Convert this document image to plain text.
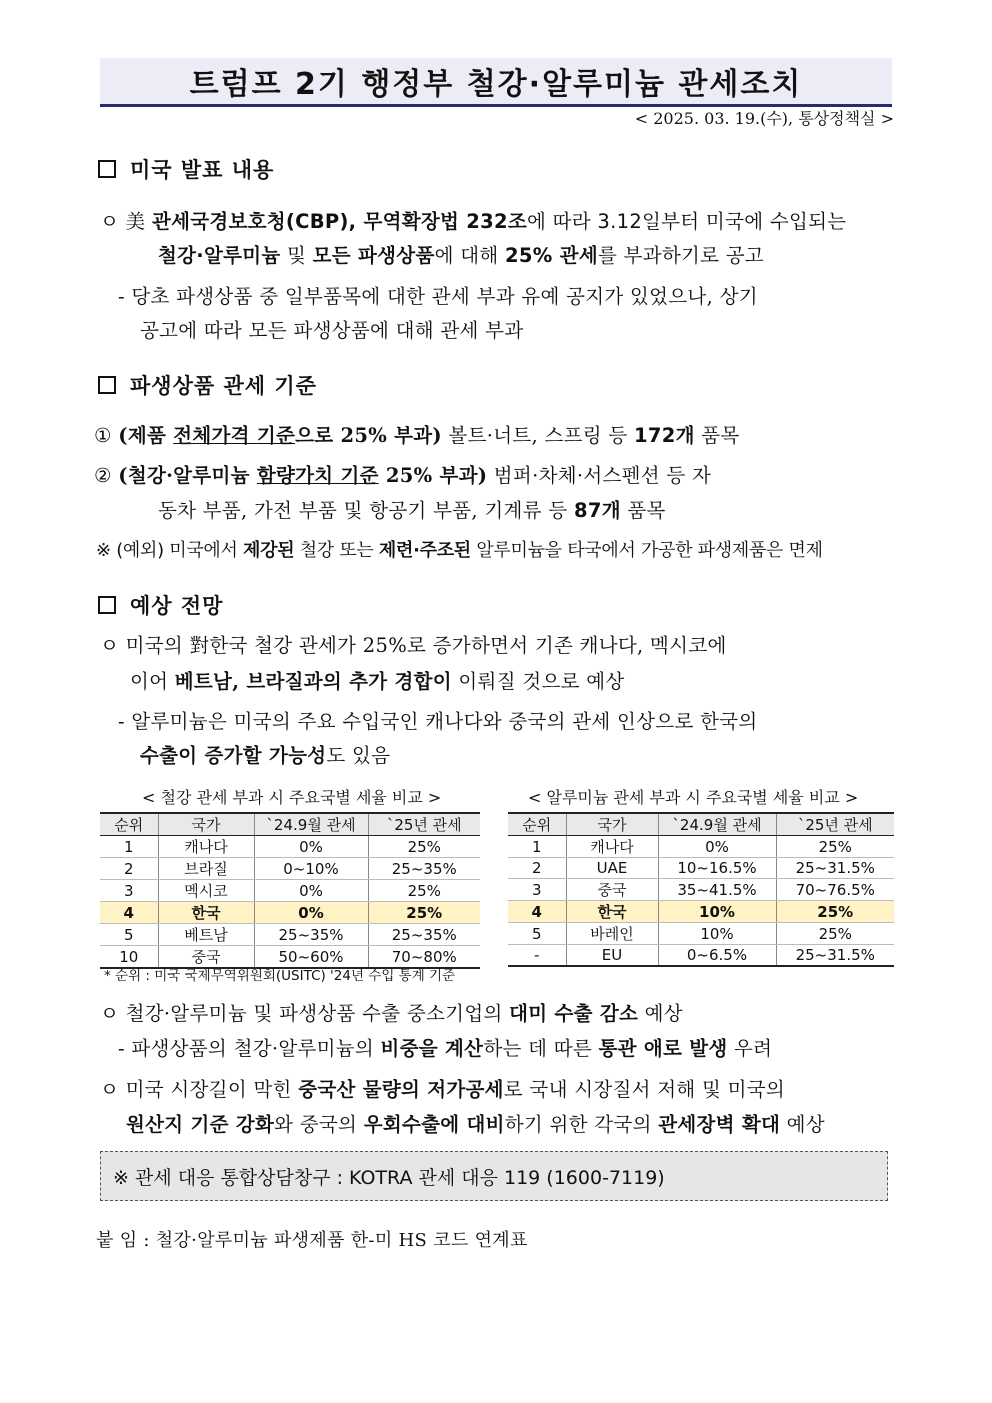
트럼프 2기 행정부 철강·알루미늄 관세조치
< 2025. 03. 19.(수), 통상정책실 >
미국 발표 내용
ㅇ 美 관세국경보호청(CBP), 무역확장법 232조에 따라 3.12일부터 미국에 수입되는
철강·알루미늄 및 모든 파생상품에 대해 25% 관세를 부과하기로 공고
- 당초 파생상품 중 일부품목에 대한 관세 부과 유예 공지가 있었으나, 상기
공고에 따라 모든 파생상품에 대해 관세 부과
파생상품 관세 기준
① (제품 전체가격 기준으로 25% 부과) 볼트·너트, 스프링 등 172개 품목
② (철강·알루미늄 함량가치 기준 25% 부과) 범퍼·차체·서스펜션 등 자
동차 부품, 가전 부품 및 항공기 부품, 기계류 등 87개 품목
※ (예외) 미국에서 제강된 철강 또는 제련·주조된 알루미늄을 타국에서 가공한 파생제품은 면제
예상 전망
ㅇ 미국의 對한국 철강 관세가 25%로 증가하면서 기존 캐나다, 멕시코에
이어 베트남, 브라질과의 추가 경합이 이뤄질 것으로 예상
- 알루미늄은 미국의 주요 수입국인 캐나다와 중국의 관세 인상으로 한국의
수출이 증가할 가능성도 있음
< 철강 관세 부과 시 주요국별 세율 비교 >	< 알루미늄 관세 부과 시 주요국별 세율 비교 >
순위	국가	`24.9월 관세	`25년 관세
1	캐나다	0%	25%
2	브라질	0~10%	25~35%
3	멕시코	0%	25%
4	한국	0%	25%
5	베트남	25~35%	25~35%
10	중국	50~60%	70~80%
순위	국가	`24.9월 관세	`25년 관세
1	캐나다	0%	25%
2	UAE	10~16.5%	25~31.5%
3	중국	35~41.5%	70~76.5%
4	한국	10%	25%
5	바레인	10%	25%
-	EU	0~6.5%	25~31.5%
* 순위 : 미국 국제무역위원회(USITC) '24년 수입 통계 기준
ㅇ 철강·알루미늄 및 파생상품 수출 중소기업의 대미 수출 감소 예상
- 파생상품의 철강·알루미늄의 비중을 계산하는 데 따른 통관 애로 발생 우려
ㅇ 미국 시장길이 막힌 중국산 물량의 저가공세로 국내 시장질서 저해 및 미국의
원산지 기준 강화와 중국의 우회수출에 대비하기 위한 각국의 관세장벽 확대 예상
※ 관세 대응 통합상담창구 : KOTRA 관세 대응 119 (1600-7119)
붙 임 : 철강·알루미늄 파생제품 한-미 HS 코드 연계표
